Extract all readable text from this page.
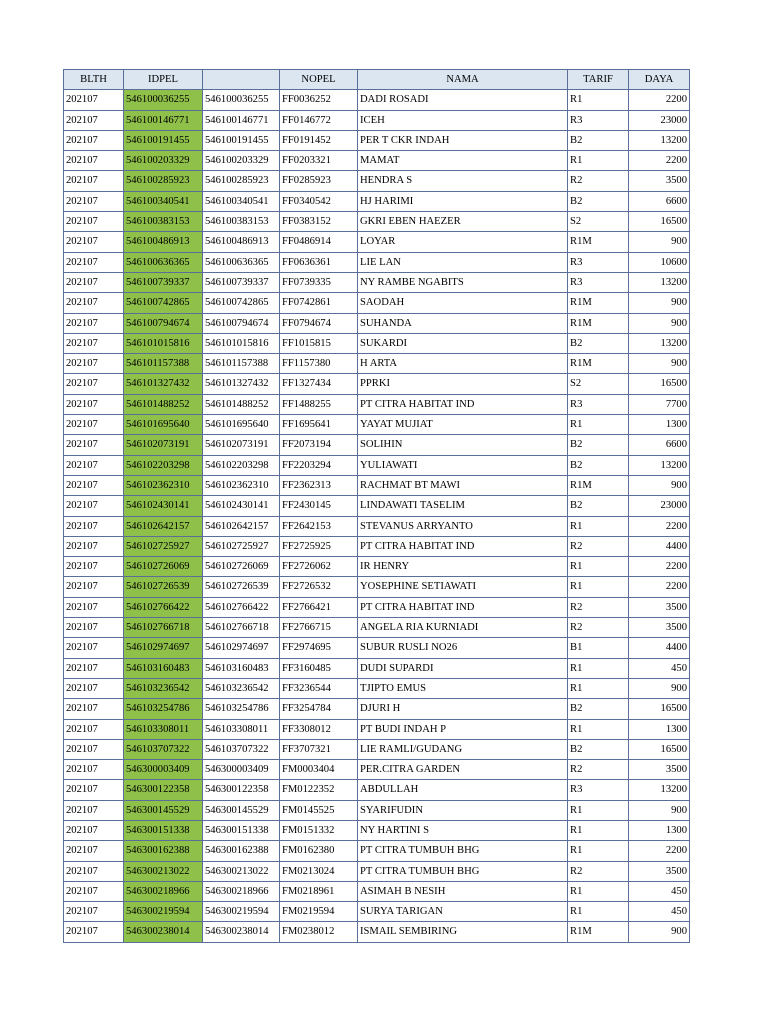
BLTH	IDPEL		NOPEL	NAMA	TARIF	DAYA
202107	546100036255	546100036255	FF0036252	DADI ROSADI	R1	2200
202107	546100146771	546100146771	FF0146772	ICEH	R3	23000
202107	546100191455	546100191455	FF0191452	PER T CKR INDAH	B2	13200
202107	546100203329	546100203329	FF0203321	MAMAT	R1	2200
202107	546100285923	546100285923	FF0285923	HENDRA S	R2	3500
202107	546100340541	546100340541	FF0340542	HJ HARIMI	B2	6600
202107	546100383153	546100383153	FF0383152	GKRI EBEN HAEZER	S2	16500
202107	546100486913	546100486913	FF0486914	LOYAR	R1M	900
202107	546100636365	546100636365	FF0636361	LIE LAN	R3	10600
202107	546100739337	546100739337	FF0739335	NY RAMBE NGABITS	R3	13200
202107	546100742865	546100742865	FF0742861	SAODAH	R1M	900
202107	546100794674	546100794674	FF0794674	SUHANDA	R1M	900
202107	546101015816	546101015816	FF1015815	SUKARDI	B2	13200
202107	546101157388	546101157388	FF1157380	H ARTA	R1M	900
202107	546101327432	546101327432	FF1327434	PPRKI	S2	16500
202107	546101488252	546101488252	FF1488255	PT CITRA HABITAT IND	R3	7700
202107	546101695640	546101695640	FF1695641	YAYAT MUJIAT	R1	1300
202107	546102073191	546102073191	FF2073194	SOLIHIN	B2	6600
202107	546102203298	546102203298	FF2203294	YULIAWATI	B2	13200
202107	546102362310	546102362310	FF2362313	RACHMAT BT MAWI	R1M	900
202107	546102430141	546102430141	FF2430145	LINDAWATI TASELIM	B2	23000
202107	546102642157	546102642157	FF2642153	STEVANUS ARRYANTO	R1	2200
202107	546102725927	546102725927	FF2725925	PT CITRA HABITAT IND	R2	4400
202107	546102726069	546102726069	FF2726062	IR HENRY	R1	2200
202107	546102726539	546102726539	FF2726532	YOSEPHINE SETIAWATI	R1	2200
202107	546102766422	546102766422	FF2766421	PT CITRA HABITAT IND	R2	3500
202107	546102766718	546102766718	FF2766715	ANGELA RIA KURNIADI	R2	3500
202107	546102974697	546102974697	FF2974695	SUBUR RUSLI NO26	B1	4400
202107	546103160483	546103160483	FF3160485	DUDI SUPARDI	R1	450
202107	546103236542	546103236542	FF3236544	TJIPTO EMUS	R1	900
202107	546103254786	546103254786	FF3254784	DJURI H	B2	16500
202107	546103308011	546103308011	FF3308012	PT BUDI INDAH P	R1	1300
202107	546103707322	546103707322	FF3707321	LIE RAMLI/GUDANG	B2	16500
202107	546300003409	546300003409	FM0003404	PER.CITRA GARDEN	R2	3500
202107	546300122358	546300122358	FM0122352	ABDULLAH	R3	13200
202107	546300145529	546300145529	FM0145525	SYARIFUDIN	R1	900
202107	546300151338	546300151338	FM0151332	NY HARTINI S	R1	1300
202107	546300162388	546300162388	FM0162380	PT CITRA TUMBUH BHG	R1	2200
202107	546300213022	546300213022	FM0213024	PT CITRA TUMBUH BHG	R2	3500
202107	546300218966	546300218966	FM0218961	ASIMAH B NESIH	R1	450
202107	546300219594	546300219594	FM0219594	SURYA TARIGAN	R1	450
202107	546300238014	546300238014	FM0238012	ISMAIL SEMBIRING	R1M	900
